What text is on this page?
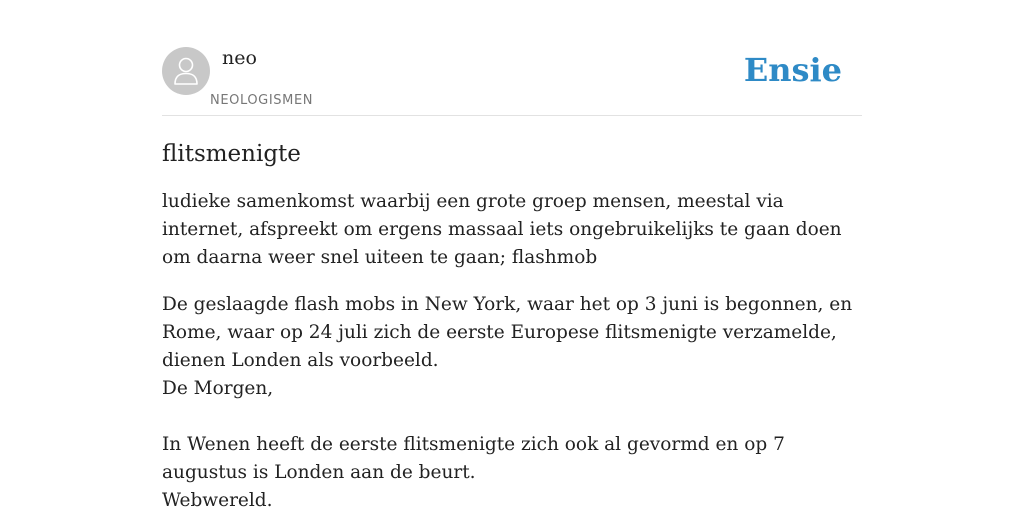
neo
NEOLOGISMEN
Ensie
flitsmenigte

ludieke samenkomst waarbij een grote groep mensen, meestal via internet, afspreekt om ergens massaal iets ongebruikelijks te gaan doen om daarna weer snel uiteen te gaan; flashmob

De geslaagde flash mobs in New York, waar het op 3 juni is begonnen, en Rome, waar op 24 juli zich de eerste Europese flitsmenigte verzamelde, dienen Londen als voorbeeld.
De Morgen,
In Wenen heeft de eerste flitsmenigte zich ook al gevormd en op 7 augustus is Londen aan de beurt.
Webwereld.
